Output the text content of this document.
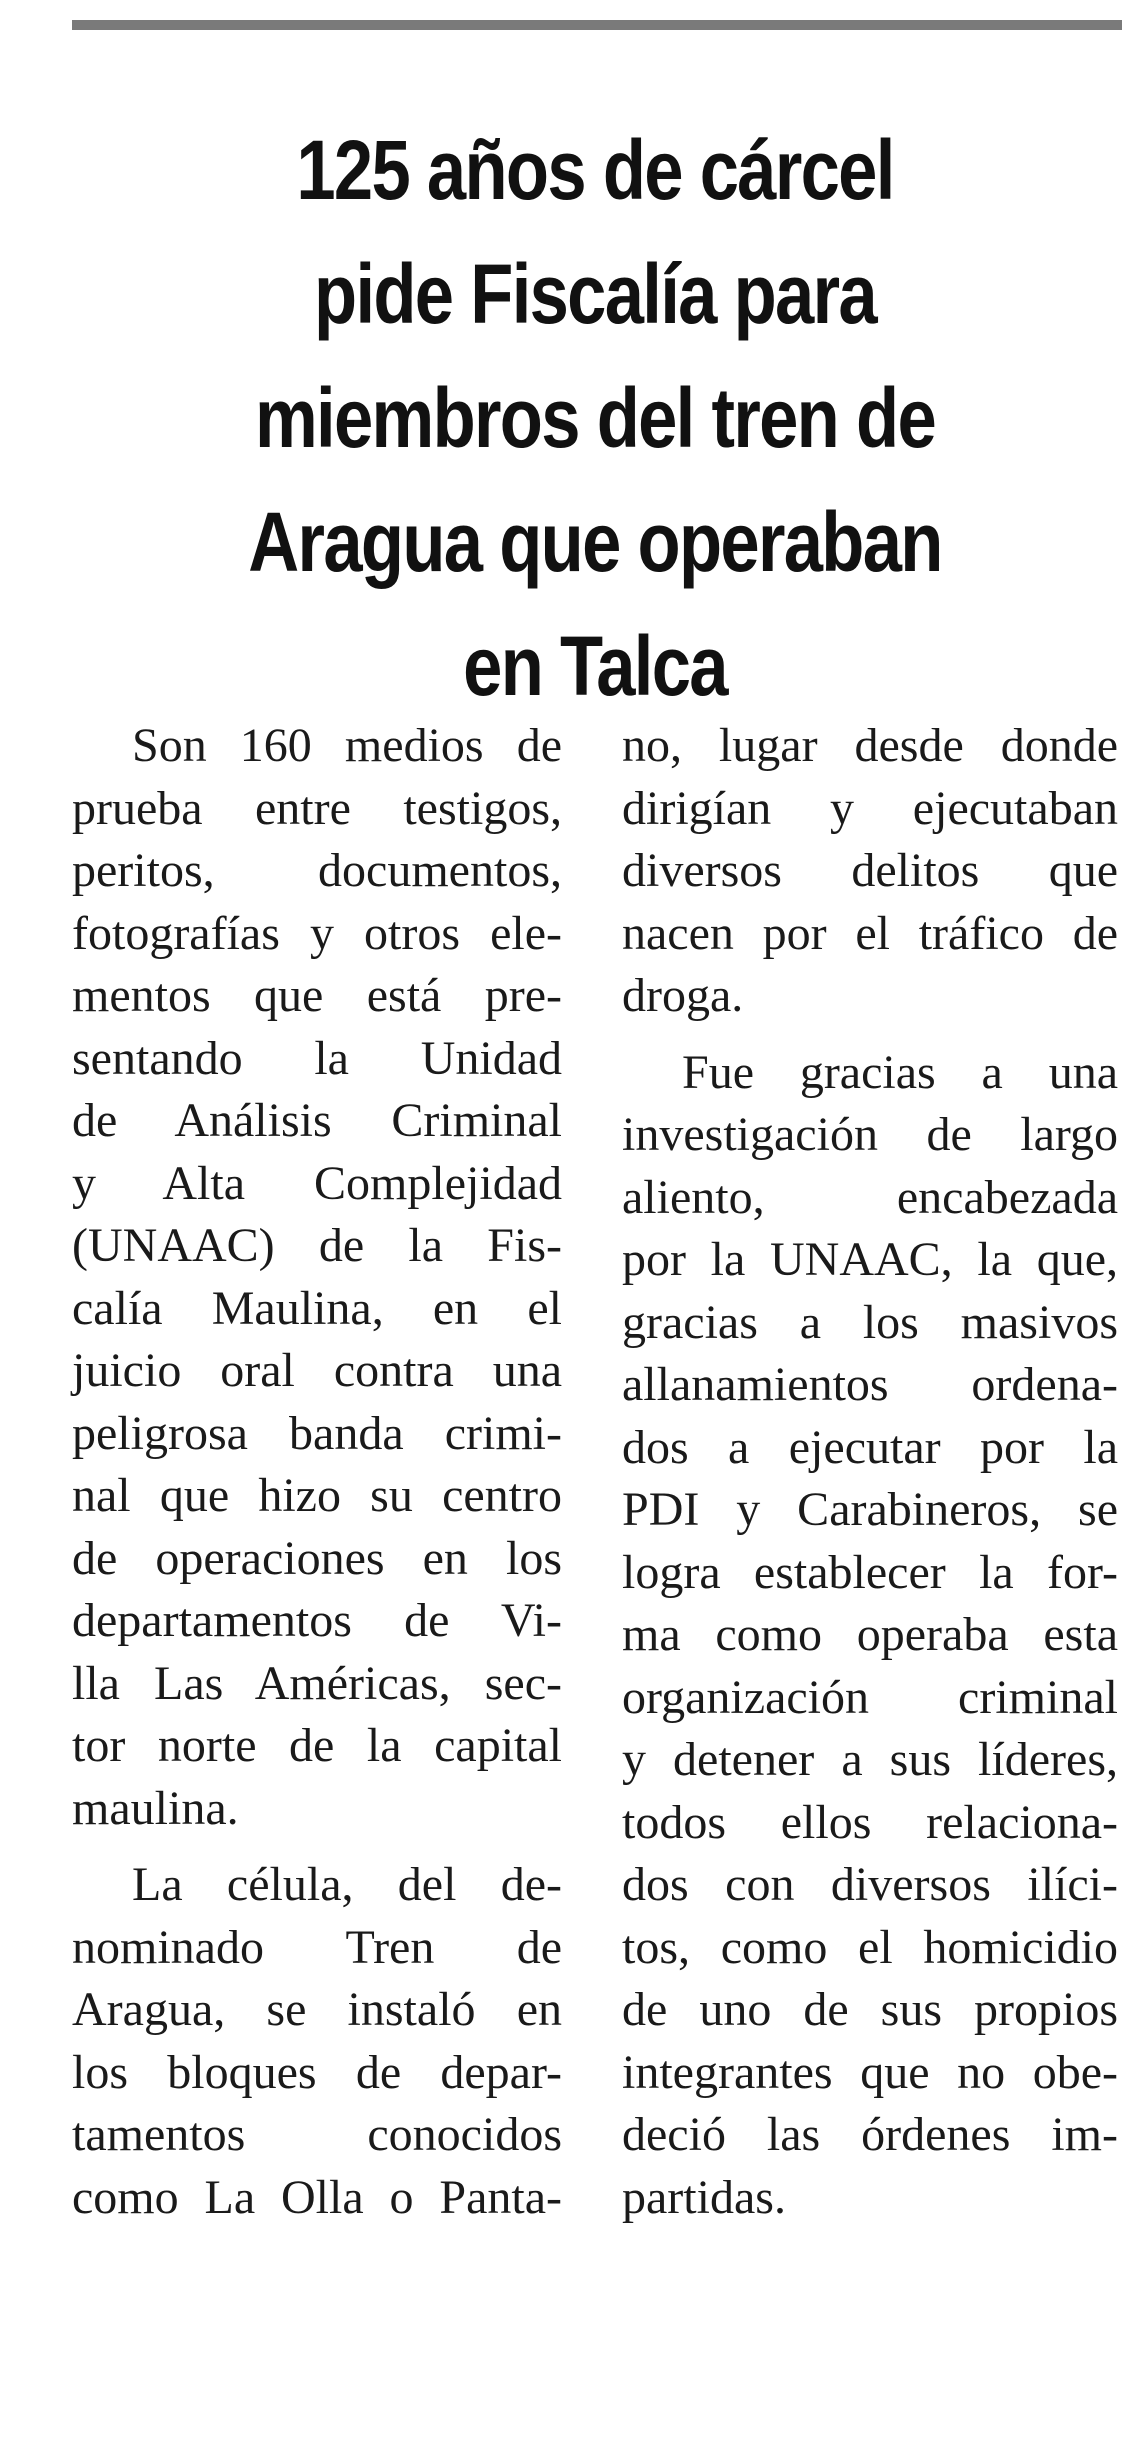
125 años de cárcel
pide Fiscalía para
miembros del tren de
Aragua que operaban
en Talca
Son 160 medios de
prueba entre testigos,
peritos, documentos,
fotografías y otros ele-
mentos que está pre-
sentando la Unidad
de Análisis Criminal
y Alta Complejidad
(UNAAC) de la Fis-
calía Maulina, en el
juicio oral contra una
peligrosa banda crimi-
nal que hizo su centro
de operaciones en los
departamentos de Vi-
lla Las Américas, sec-
tor norte de la capital
maulina.
La célula, del de-
nominado Tren de
Aragua, se instaló en
los bloques de depar-
tamentos conocidos
como La Olla o Panta-
no, lugar desde donde
dirigían y ejecutaban
diversos delitos que
nacen por el tráfico de
droga.
Fue gracias a una
investigación de largo
aliento, encabezada
por la UNAAC, la que,
gracias a los masivos
allanamientos ordena-
dos a ejecutar por la
PDI y Carabineros, se
logra establecer la for-
ma como operaba esta
organización criminal
y detener a sus líderes,
todos ellos relaciona-
dos con diversos ilíci-
tos, como el homicidio
de uno de sus propios
integrantes que no obe-
deció las órdenes im-
partidas.
